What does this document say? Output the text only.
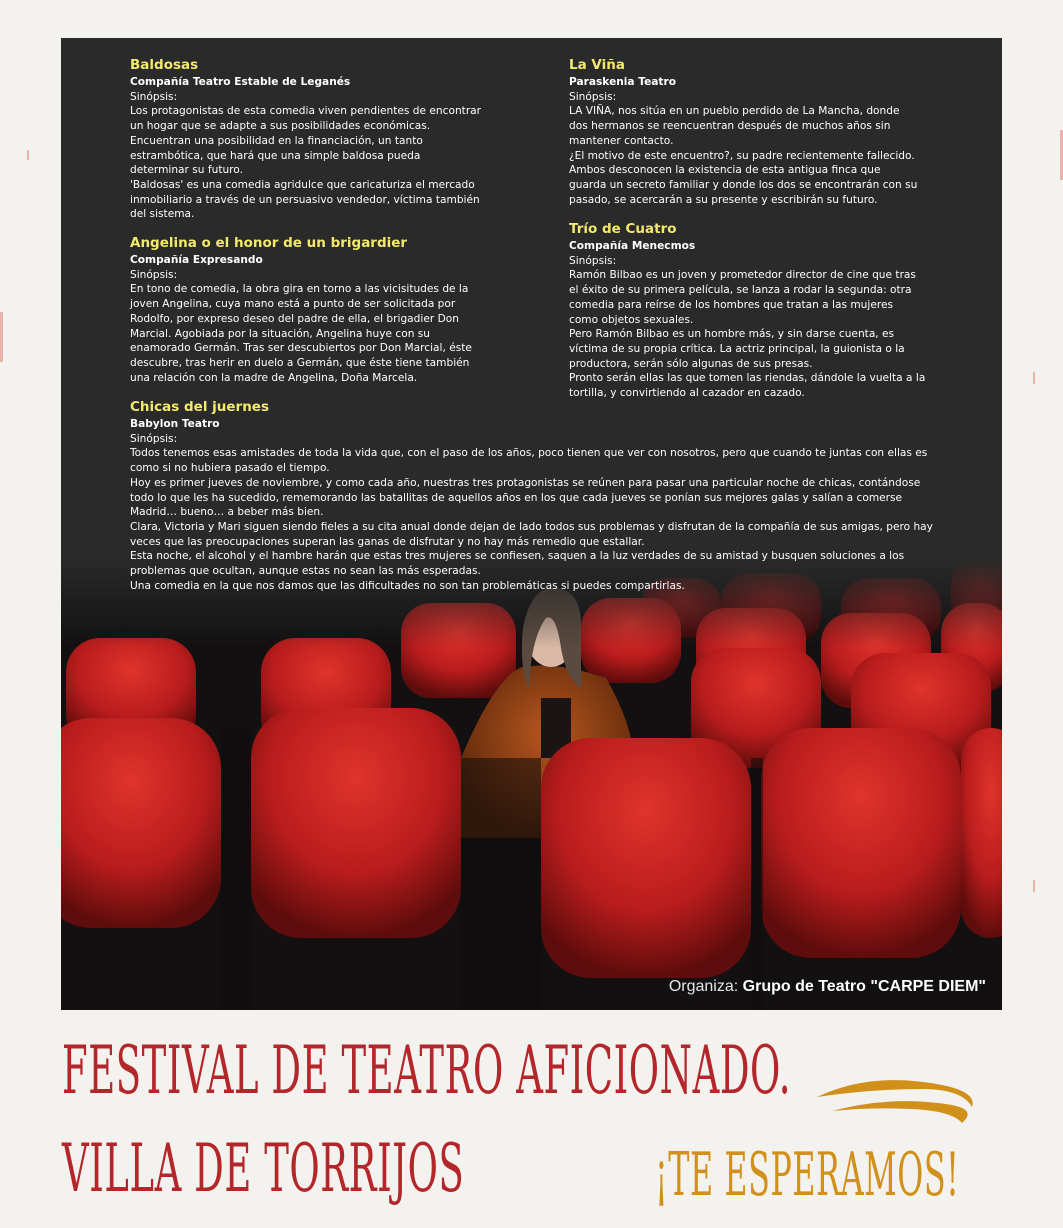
Baldosas

Compañía Teatro Estable de Leganés

Sinópsis:

Los protagonistas de esta comedia viven pendientes de encontrar

un hogar que se adapte a sus posibilidades económicas.

Encuentran una posibilidad en la financiación, un tanto

estrambótica, que hará que una simple baldosa pueda

determinar su futuro.

'Baldosas' es una comedia agridulce que caricaturiza el mercado

inmobiliario a través de un persuasivo vendedor, víctima también

del sistema.

Angelina o el honor de un brigardier

Compañía Expresando

Sinópsis:

En tono de comedia, la obra gira en torno a las vicisitudes de la

joven Angelina, cuya mano está a punto de ser solicitada por

Rodolfo, por expreso deseo del padre de ella, el brigadier Don

Marcial. Agobiada por la situación, Angelina huye con su

enamorado Germán. Tras ser descubiertos por Don Marcial, éste

descubre, tras herir en duelo a Germán, que éste tiene también

una relación con la madre de Angelina, Doña Marcela.

La Viña

Paraskenia Teatro

Sinópsis:

LA VIÑA, nos sitúa en un pueblo perdido de La Mancha, donde

dos hermanos se reencuentran después de muchos años sin

mantener contacto.

¿El motivo de este encuentro?, su padre recientemente fallecido.

Ambos desconocen la existencia de esta antigua finca que

guarda un secreto familiar y donde los dos se encontrarán con su

pasado, se acercarán a su presente y escribirán su futuro.

Trío de Cuatro

Compañía Menecmos

Sinópsis:

Ramón Bilbao es un joven y prometedor director de cine que tras

el éxito de su primera película, se lanza a rodar la segunda: otra

comedia para reírse de los hombres que tratan a las mujeres

como objetos sexuales.

Pero Ramón Bilbao es un hombre más, y sin darse cuenta, es

víctima de su propia crítica. La actriz principal, la guionista o la

productora, serán sólo algunas de sus presas.

Pronto serán ellas las que tomen las riendas, dándole la vuelta a la

tortilla, y convirtiendo al cazador en cazado.

Chicas del juernes

Babylon Teatro

Sinópsis:

Todos tenemos esas amistades de toda la vida que, con el paso de los años, poco tienen que ver con nosotros, pero que cuando te juntas con ellas es

como si no hubiera pasado el tiempo.

Hoy es primer jueves de noviembre, y como cada año, nuestras tres protagonistas se reúnen para pasar una particular noche de chicas, contándose

todo lo que les ha sucedido, rememorando las batallitas de aquellos años en los que cada jueves se ponían sus mejores galas y salían a comerse

Madrid… bueno… a beber más bien.

Clara, Victoria y Mari siguen siendo fieles a su cita anual donde dejan de lado todos sus problemas y disfrutan de la compañía de sus amigas, pero hay

veces que las preocupaciones superan las ganas de disfrutar y no hay más remedio que estallar.

Esta noche, el alcohol y el hambre harán que estas tres mujeres se confiesen, saquen a la luz verdades de su amistad y busquen soluciones a los

problemas que ocultan, aunque estas no sean las más esperadas.

Una comedia en la que nos damos que las dificultades no son tan problemáticas si puedes compartirlas.

Organiza: Grupo de Teatro "CARPE DIEM"
FESTIVAL DE TEATRO AFICIONADO.
VILLA DE TORRIJOS	¡TE ESPERAMOS!
